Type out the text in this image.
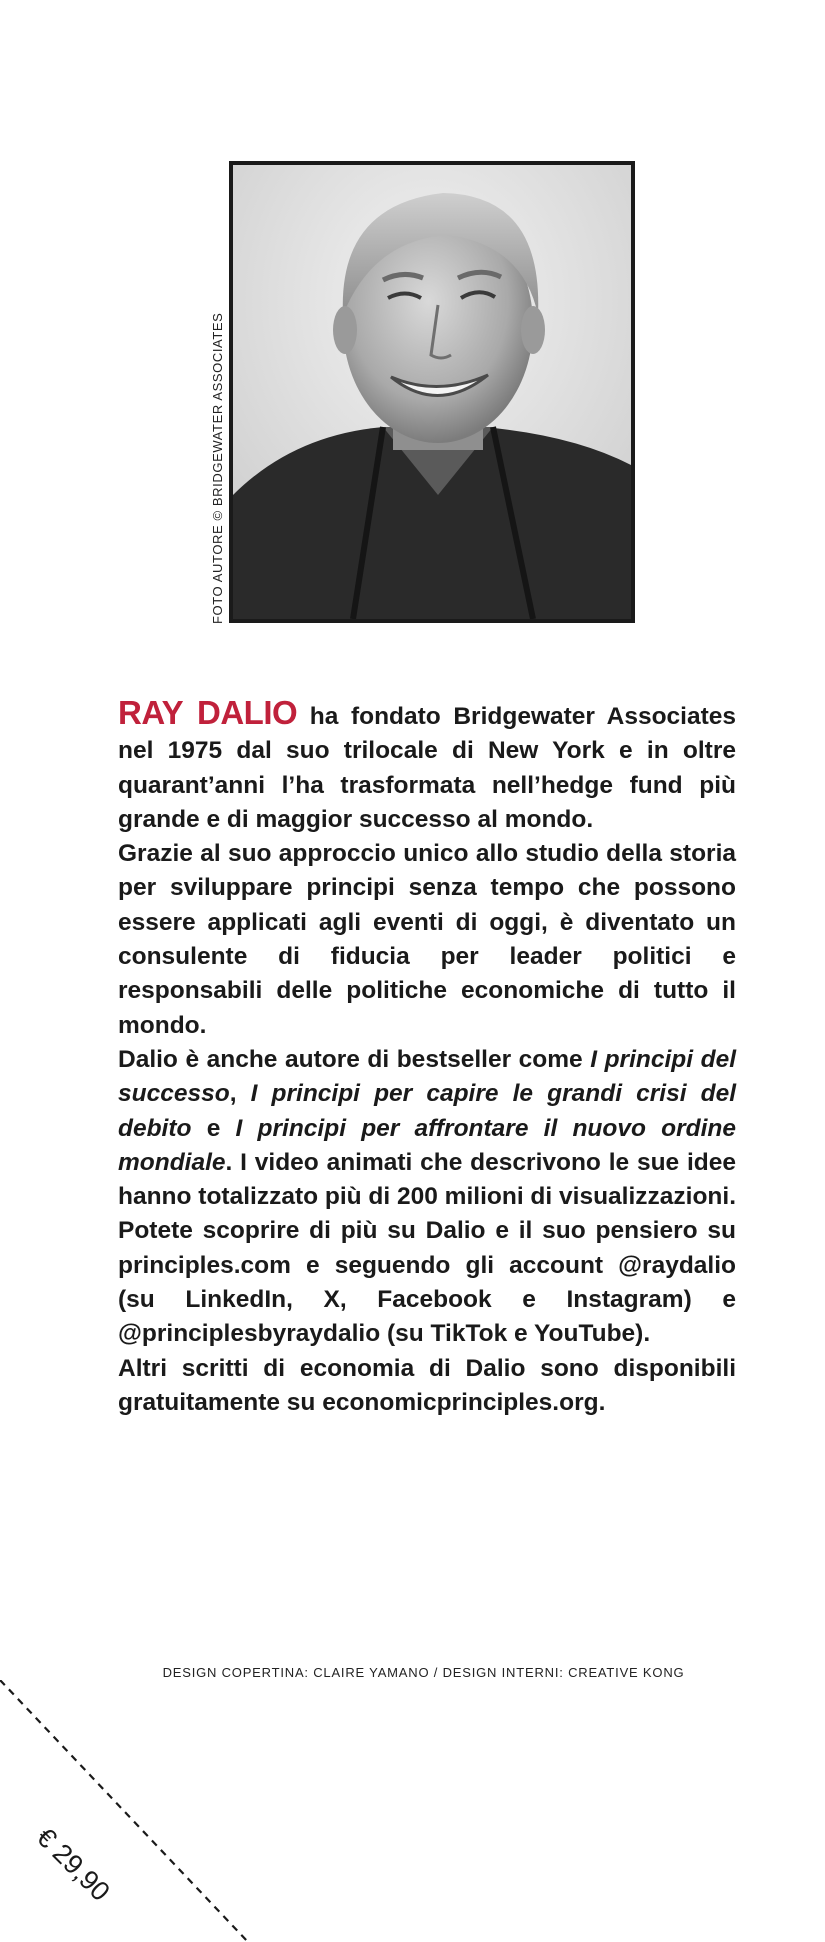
FOTO AUTORE © BRIDGEWATER ASSOCIATES

RAY DALIO ha fondato Bridgewater Associates nel 1975 dal suo trilocale di New York e in oltre quarant’anni l’ha trasformata nell’hedge fund più grande e di maggior successo al mondo.

Grazie al suo approccio unico allo studio della storia per sviluppare principi senza tempo che possono essere applicati agli eventi di oggi, è diventato un consulente di fiducia per leader politici e responsabili delle politiche economiche di tutto il mondo.

Dalio è anche autore di bestseller come I principi del successo, I principi per capire le grandi crisi del debito e I principi per affrontare il nuovo ordine mondiale. I video animati che descrivono le sue idee hanno totalizzato più di 200 milioni di visualizzazioni. Potete scoprire di più su Dalio e il suo pensiero su principles.com e seguendo gli account @raydalio (su LinkedIn, X, Facebook e Instagram) e @principlesbyraydalio (su TikTok e YouTube).

Altri scritti di economia di Dalio sono disponibili gratuitamente su economicprinciples.org.

DESIGN COPERTINA: CLAIRE YAMANO / DESIGN INTERNI: CREATIVE KONG
€ 29,90
